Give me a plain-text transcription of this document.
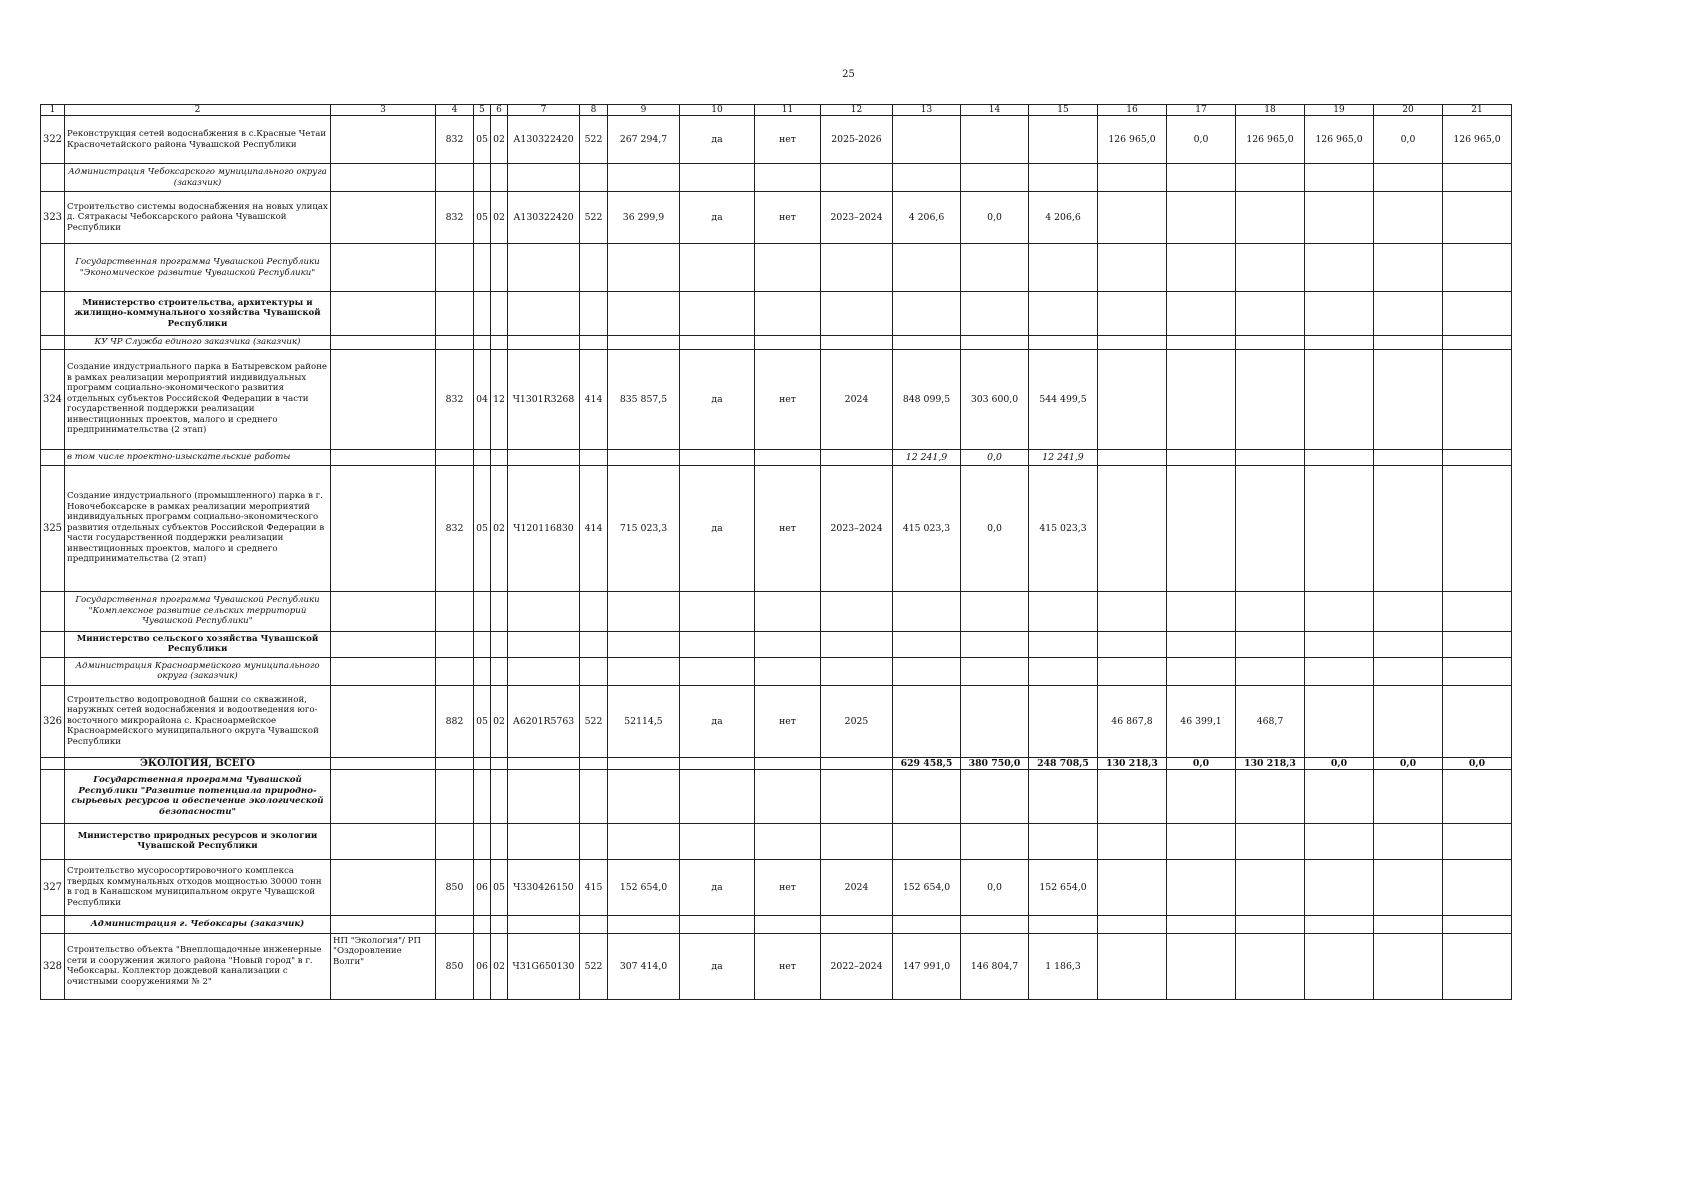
25
1	2	3	4	5	6	7	8	9	10	11	12	13	14	15	16	17	18	19	20	21
322	Реконструкция сетей водоснабжения в с.Красные Четаи Красночетайского района Чувашской Республики		832	05	02	А130322420	522	267 294,7	да	нет	2025-2026				126 965,0	0,0	126 965,0	126 965,0	0,0	126 965,0
	Администрация Чебоксарского муниципального округа (заказчик)																			
323	Строительство системы водоснабжения на новых улицах д. Сятракасы Чебоксарского района Чувашской Республики		832	05	02	А130322420	522	36 299,9	да	нет	2023–2024	4 206,6	0,0	4 206,6						
	Государственная программа Чувашской Республики "Экономическое развитие Чувашской Республики"																			
	Министерство строительства, архитектуры и жилищно-коммунального хозяйства Чувашской Республики																			
	КУ ЧР Служба единого заказчика (заказчик)																			
324	Создание индустриального парка в Батыревском районе в рамках реализации мероприятий индивидуальных программ социально-экономического развития отдельных субъектов Российской Федерации в части государственной поддержки реализации инвестиционных проектов, малого и среднего предпринимательства (2 этап)		832	04	12	Ч1301R3268	414	835 857,5	да	нет	2024	848 099,5	303 600,0	544 499,5						
	в том числе проектно-изыскательские работы											12 241,9	0,0	12 241,9						
325	Создание индустриального (промышленного) парка в г. Новочебоксарске в рамках реализации мероприятий индивидуальных программ социально-экономического развития отдельных субъектов Российской Федерации в части государственной поддержки реализации инвестиционных проектов, малого и среднего предпринимательства (2 этап)		832	05	02	Ч120116830	414	715 023,3	да	нет	2023–2024	415 023,3	0,0	415 023,3						
	Государственная программа Чувашской Республики "Комплексное развитие сельских территорий Чувашской Республики"																			
	Министерство сельского хозяйства Чувашской Республики																			
	Администрация Красноармейского муниципального округа (заказчик)																			
326	Строительство водопроводной башни со скважиной, наружных сетей водоснабжения и водоотведения юго-восточного микрорайона с. Красноармейское Красноармейского муниципального округа Чувашской Республики		882	05	02	А6201R5763	522	52114,5	да	нет	2025				46 867,8	46 399,1	468,7			
	ЭКОЛОГИЯ, ВСЕГО											629 458,5	380 750,0	248 708,5	130 218,3	0,0	130 218,3	0,0	0,0	0,0
	Государственная программа Чувашской Республики "Развитие потенциала природно-сырьевых ресурсов и обеспечение экологической безопасности"																			
	Министерство природных ресурсов и экологии Чувашской Республики																			
327	Строительство мусоросортировочного комплекса твердых коммунальных отходов мощностью 30000 тонн в год в Канашском муниципальном округе Чувашской Республики		850	06	05	Ч330426150	415	152 654,0	да	нет	2024	152 654,0	0,0	152 654,0						
	Администрация г. Чебоксары (заказчик)																			
328	Строительство объекта "Внеплощадочные инженерные сети и сооружения жилого района "Новый город" в г. Чебоксары. Коллектор дождевой канализации с очистными сооружениями № 2"	НП "Экология"/ РП "Оздоровление Волги"	850	06	02	Ч31G650130	522	307 414,0	да	нет	2022–2024	147 991,0	146 804,7	1 186,3						
